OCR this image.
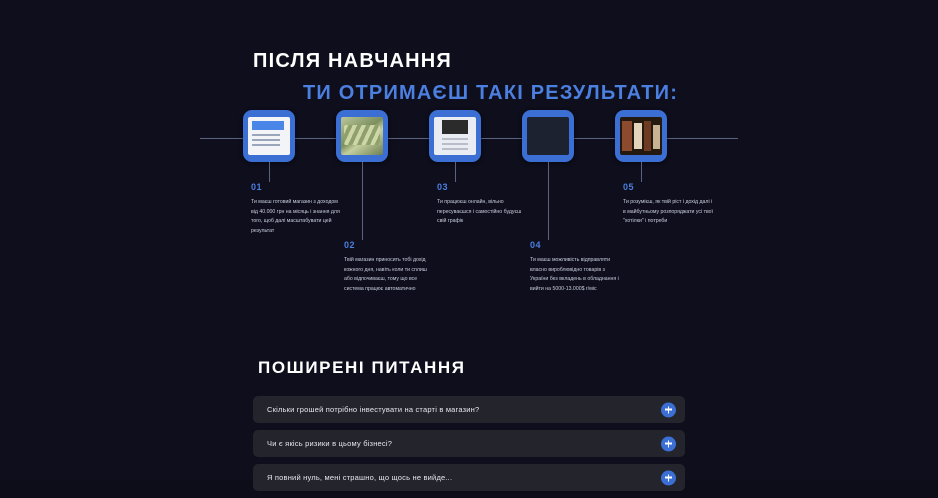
ПІСЛЯ НАВЧАННЯ
ТИ ОТРИМАЄШ ТАКІ РЕЗУЛЬТАТИ:
01
Ти маєш готовий магазин з доходом від 40.000 грн на місяць і знання для того, щоб далі масштабувати цей результат
02
Твій магазин приносить тобі дохід кожного дня, навіть коли ти сплиш або відпочиваєш, тому що все система працює автоматично
03
Ти працюєш онлайн, вільно пересуваєшся і самостійно будуєш свій графік
04
Ти маєш можливість відправляти власно вироблювідно товарів з України без вкладень в обладнання і вийти на 5000-13.000$ г/міс
05
Ти розумієш, як твій ріст і дохід далі і в майбутньому розпоряджати усі твої "хотілки" і потреби
ПОШИРЕНІ ПИТАННЯ
Скільки грошей потрібно інвестувати на старті в магазин?
Чи є якісь ризики в цьому бізнесі?
Я повний нуль, мені страшно, що щось не вийде...
